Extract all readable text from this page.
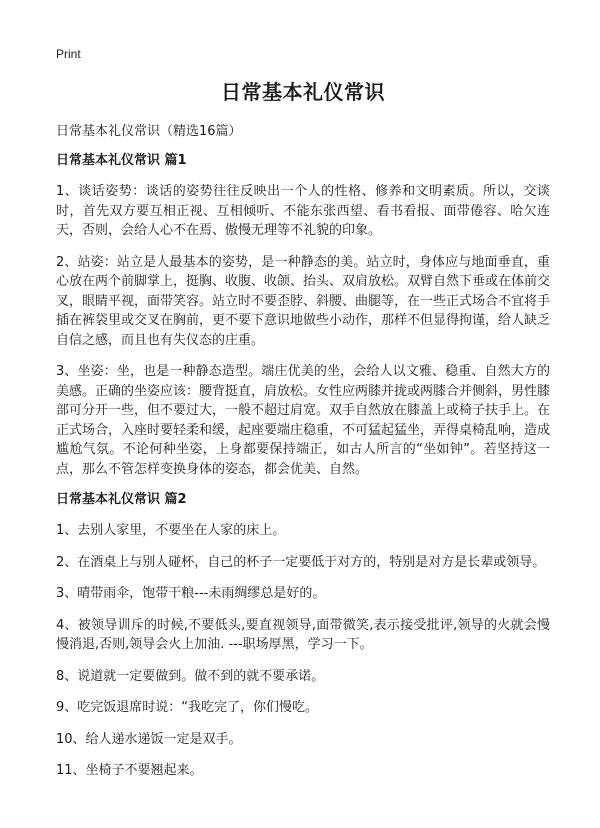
Print
日常基本礼仪常识
日常基本礼仪常识（精选16篇）
日常基本礼仪常识 篇1

1、谈话姿势：谈话的姿势往往反映出一个人的性格、修养和文明素质。所以，交谈时，首先双方要互相正视、互相倾听、不能东张西望、看书看报、面带倦容、哈欠连天，否则，会给人心不在焉、傲慢无理等不礼貌的印象。

2、站姿：站立是人最基本的姿势，是一种静态的美。站立时，身体应与地面垂直，重心放在两个前脚掌上，挺胸、收腹、收颌、抬头、双肩放松。双臂自然下垂或在体前交叉，眼睛平视，面带笑容。站立时不要歪脖、斜腰、曲腿等，在一些正式场合不宜将手插在裤袋里或交叉在胸前，更不要下意识地做些小动作，那样不但显得拘谨，给人缺乏自信之感，而且也有失仪态的庄重。

3、坐姿：坐，也是一种静态造型。端庄优美的坐，会给人以文雅、稳重、自然大方的美感。正确的坐姿应该：腰背挺直，肩放松。女性应两膝并拢或两膝合并侧斜，男性膝部可分开一些，但不要过大，一般不超过肩宽。双手自然放在膝盖上或椅子扶手上。在正式场合，入座时要轻柔和缓，起座要端庄稳重，不可猛起猛坐，弄得桌椅乱响，造成尴尬气氛。不论何种坐姿，上身都要保持端正，如古人所言的“坐如钟”。若坚持这一点，那么不管怎样变换身体的姿态，都会优美、自然。

日常基本礼仪常识 篇2

1、去别人家里，不要坐在人家的床上。

2、在酒桌上与别人碰杯，自己的杯子一定要低于对方的，特别是对方是长辈或领导。

3、晴带雨伞，饱带干粮---未雨绸缪总是好的。

4、被领导训斥的时候,不要低头,要直视领导,面带微笑,表示接受批评,领导的火就会慢慢消退,否则,领导会火上加油. ---职场厚黑，学习一下。

8、说道就一定要做到。做不到的就不要承诺。

9、吃完饭退席时说：“我吃完了，你们慢吃。

10、给人递水递饭一定是双手。

11、坐椅子不要翘起来。
